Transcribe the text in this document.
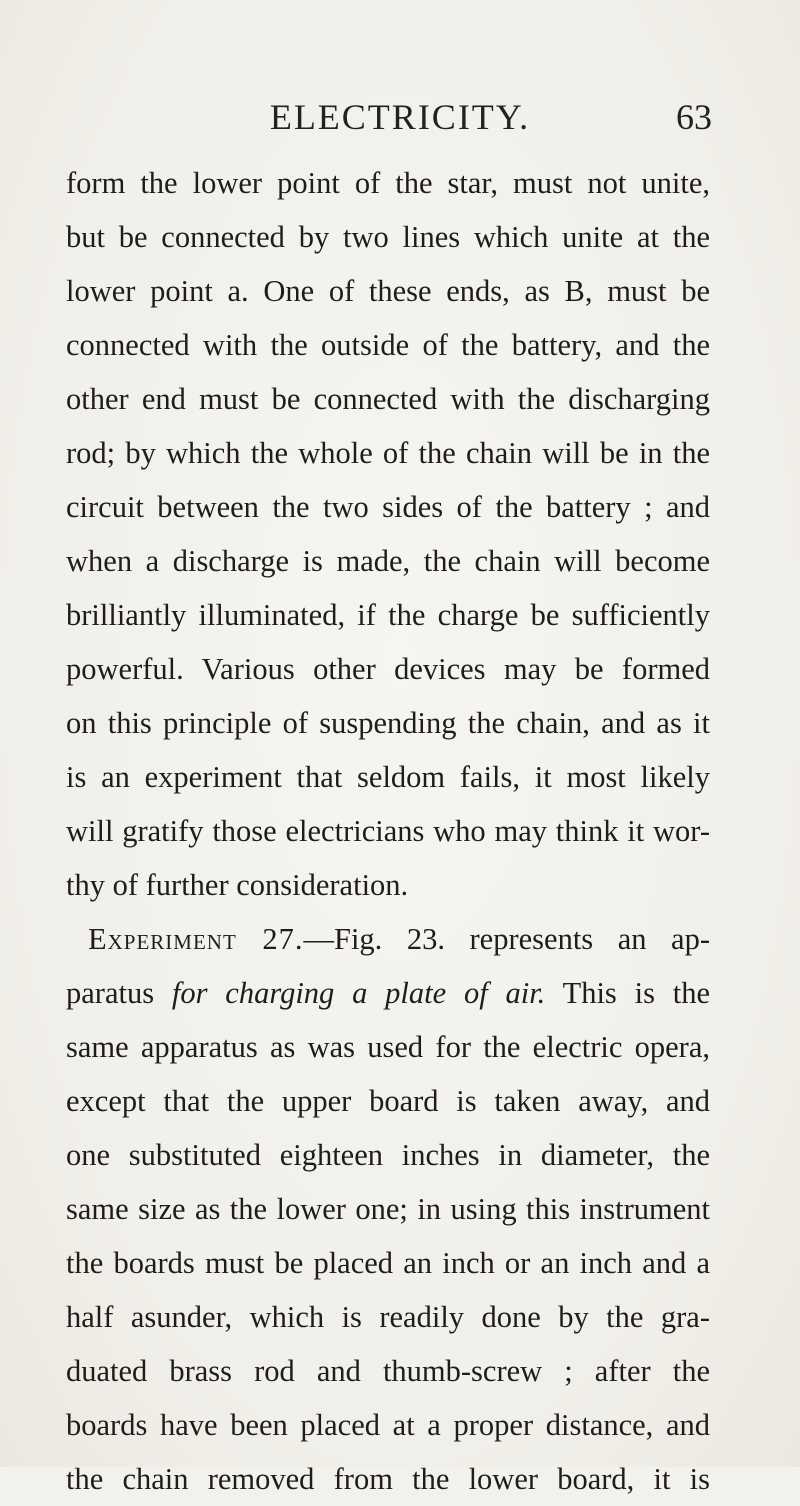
ELECTRICITY.	63
form the lower point of the star, must not unite,
but be connected by two lines which unite at the
lower point a. One of these ends, as B, must be
connected with the outside of the battery, and the
other end must be connected with the discharging
rod; by which the whole of the chain will be in the
circuit between the two sides of the battery ; and
when a discharge is made, the chain will become
brilliantly illuminated, if the charge be sufficiently
powerful. Various other devices may be formed
on this principle of suspending the chain, and as it
is an experiment that seldom fails, it most likely
will gratify those electricians who may think it wor-
thy of further consideration.
Experiment 27.—Fig. 23. represents an ap-
paratus for charging a plate of air. This is the
same apparatus as was used for the electric opera,
except that the upper board is taken away, and
one substituted eighteen inches in diameter, the
same size as the lower one; in using this instrument
the boards must be placed an inch or an inch and a
half asunder, which is readily done by the gra-
duated brass rod and thumb-screw ; after the
boards have been placed at a proper distance, and
the chain removed from the lower board, it is
